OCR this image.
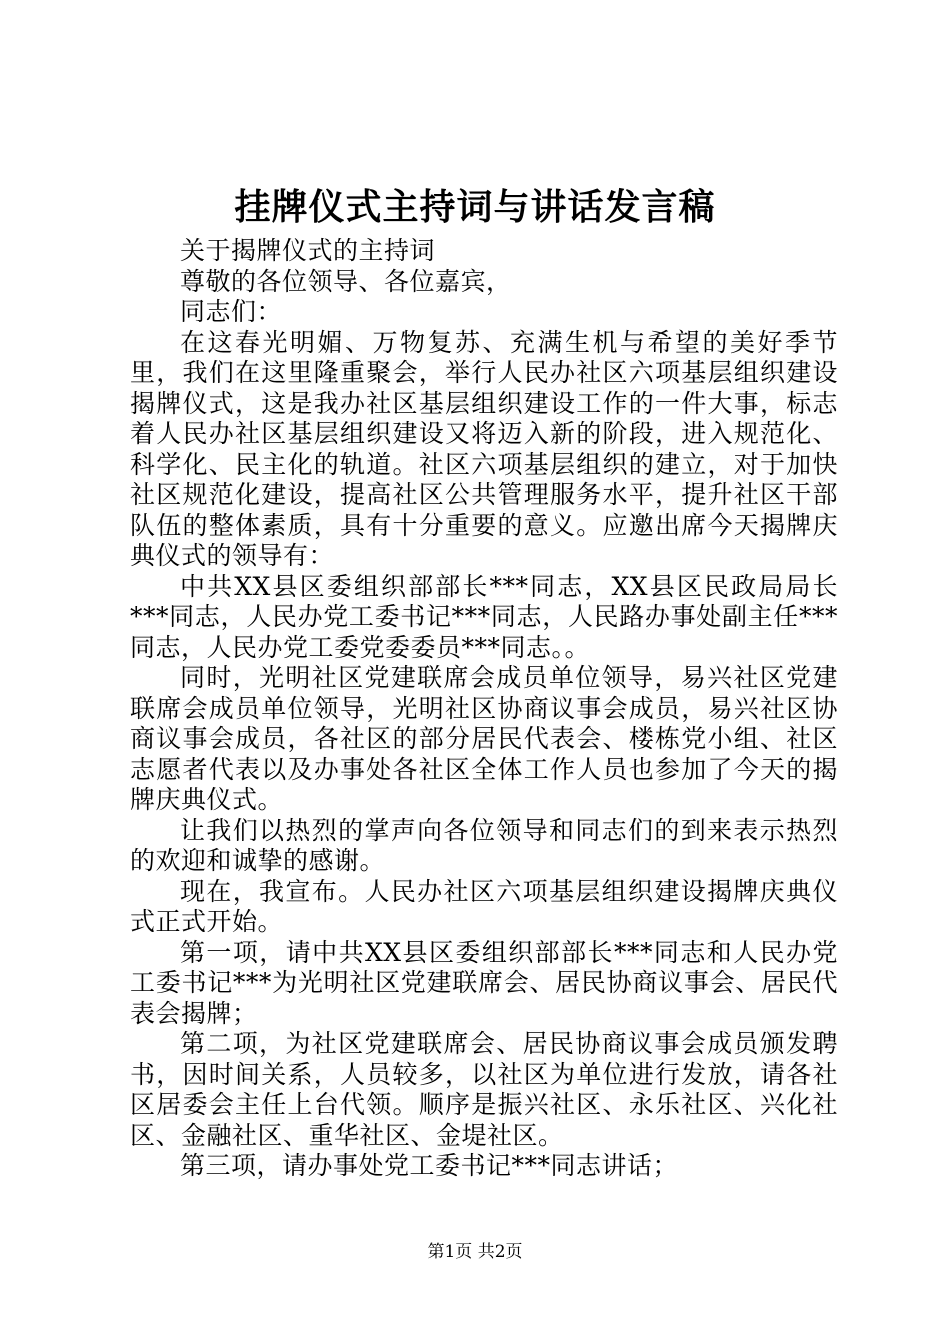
挂牌仪式主持词与讲话发言稿

关于揭牌仪式的主持词

尊敬的各位领导、各位嘉宾，

同志们：

在这春光明媚、万物复苏、充满生机与希望的美好季节里，我们在这里隆重聚会，举行人民办社区六项基层组织建设揭牌仪式，这是我办社区基层组织建设工作的一件大事，标志着人民办社区基层组织建设又将迈入新的阶段，进入规范化、科学化、民主化的轨道。社区六项基层组织的建立，对于加快社区规范化建设，提高社区公共管理服务水平，提升社区干部队伍的整体素质，具有十分重要的意义。应邀出席今天揭牌庆典仪式的领导有：

中共XX县区委组织部部长***同志，XX县区民政局局长***同志，人民办党工委书记***同志，人民路办事处副主任***同志，人民办党工委党委委员***同志。。

同时，光明社区党建联席会成员单位领导，易兴社区党建联席会成员单位领导，光明社区协商议事会成员，易兴社区协商议事会成员，各社区的部分居民代表会、楼栋党小组、社区志愿者代表以及办事处各社区全体工作人员也参加了今天的揭牌庆典仪式。

让我们以热烈的掌声向各位领导和同志们的到来表示热烈的欢迎和诚挚的感谢。

现在，我宣布。人民办社区六项基层组织建设揭牌庆典仪式正式开始。

第一项，请中共XX县区委组织部部长***同志和人民办党工委书记***为光明社区党建联席会、居民协商议事会、居民代表会揭牌；

第二项，为社区党建联席会、居民协商议事会成员颁发聘书，因时间关系，人员较多，以社区为单位进行发放，请各社区居委会主任上台代领。顺序是振兴社区、永乐社区、兴化社区、金融社区、重华社区、金堤社区。

第三项，请办事处党工委书记***同志讲话；

第1页 共2页
